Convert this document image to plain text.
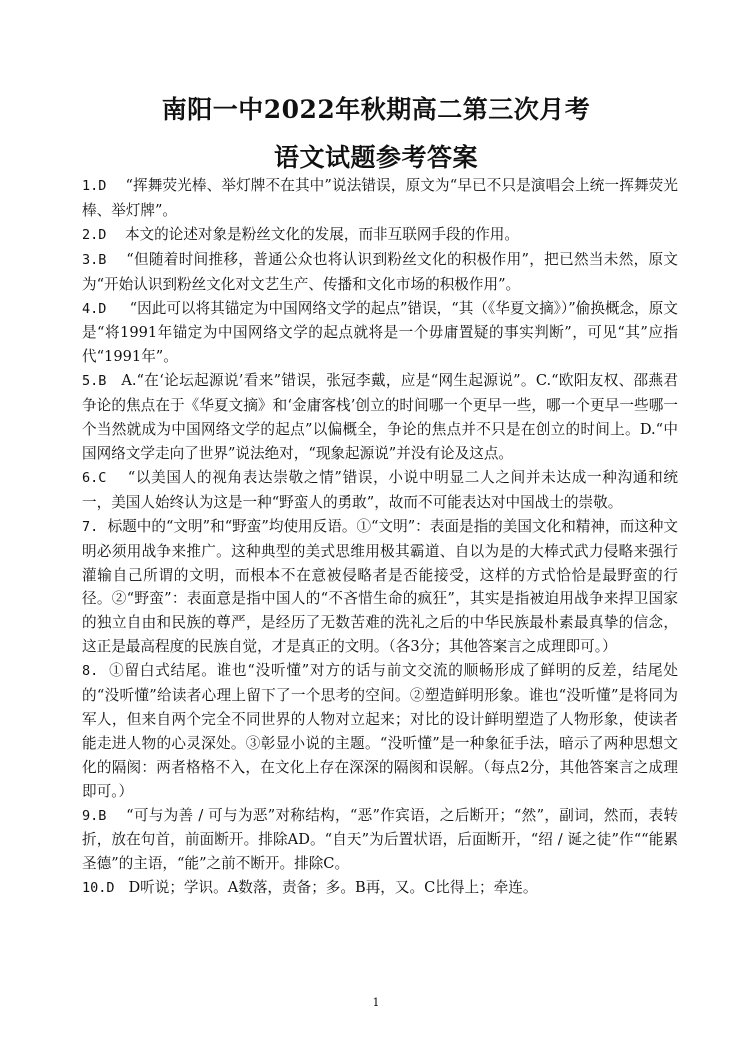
南阳一中2022年秋期高二第三次月考
语文试题参考答案

1.D “挥舞荧光棒、举灯牌不在其中”说法错误，原文为“早已不只是演唱会上统一挥舞荧光棒、举灯牌”。

2.D 本文的论述对象是粉丝文化的发展，而非互联网手段的作用。

3.B “但随着时间推移，普通公众也将认识到粉丝文化的积极作用”，把已然当未然，原文为“开始认识到粉丝文化对文艺生产、传播和文化市场的积极作用”。

4.D “因此可以将其锚定为中国网络文学的起点”错误，“其（《华夏文摘》）”偷换概念，原文是“将1991年锚定为中国网络文学的起点就将是一个毋庸置疑的事实判断”，可见“其”应指代“1991年”。

5.B A.“在‘论坛起源说’看来”错误，张冠李戴，应是“网生起源说”。C.“欧阳友权、邵燕君争论的焦点在于《华夏文摘》和‘金庸客栈’创立的时间哪一个更早一些，哪一个更早一些哪一个当然就成为中国网络文学的起点”以偏概全，争论的焦点并不只是在创立的时间上。D.“中国网络文学走向了世界”说法绝对，“现象起源说”并没有论及这点。

6.C “以美国人的视角表达崇敬之情”错误，小说中明显二人之间并未达成一种沟通和统一，美国人始终认为这是一种“野蛮人的勇敢”，故而不可能表达对中国战士的崇敬。

7. 标题中的“文明”和“野蛮”均使用反语。①“文明”：表面是指的美国文化和精神，而这种文明必须用战争来推广。这种典型的美式思维用极其霸道、自以为是的大棒式武力侵略来强行灌输自己所谓的文明，而根本不在意被侵略者是否能接受，这样的方式恰恰是最野蛮的行径。②“野蛮”：表面意是指中国人的“不吝惜生命的疯狂”，其实是指被迫用战争来捍卫国家的独立自由和民族的尊严，是经历了无数苦难的洗礼之后的中华民族最朴素最真挚的信念，这正是最高程度的民族自觉，才是真正的文明。（各3分；其他答案言之成理即可。）

8. ①留白式结尾。谁也“没听懂”对方的话与前文交流的顺畅形成了鲜明的反差，结尾处的“没听懂”给读者心理上留下了一个思考的空间。②塑造鲜明形象。谁也“没听懂”是将同为军人，但来自两个完全不同世界的人物对立起来；对比的设计鲜明塑造了人物形象，使读者能走进人物的心灵深处。③彰显小说的主题。“没听懂”是一种象征手法，暗示了两种思想文化的隔阂：两者格格不入，在文化上存在深深的隔阂和误解。（每点2分，其他答案言之成理即可。）

9.B “可与为善 / 可与为恶”对称结构，“恶”作宾语，之后断开；“然”，副词，然而，表转折，放在句首，前面断开。排除AD。“自天”为后置状语，后面断开，“绍 / 诞之徒”作““能累圣德”的主语，“能”之前不断开。排除C。

10.D D听说；学识。A数落，责备；多。B再，又。C比得上；牵连。

1
